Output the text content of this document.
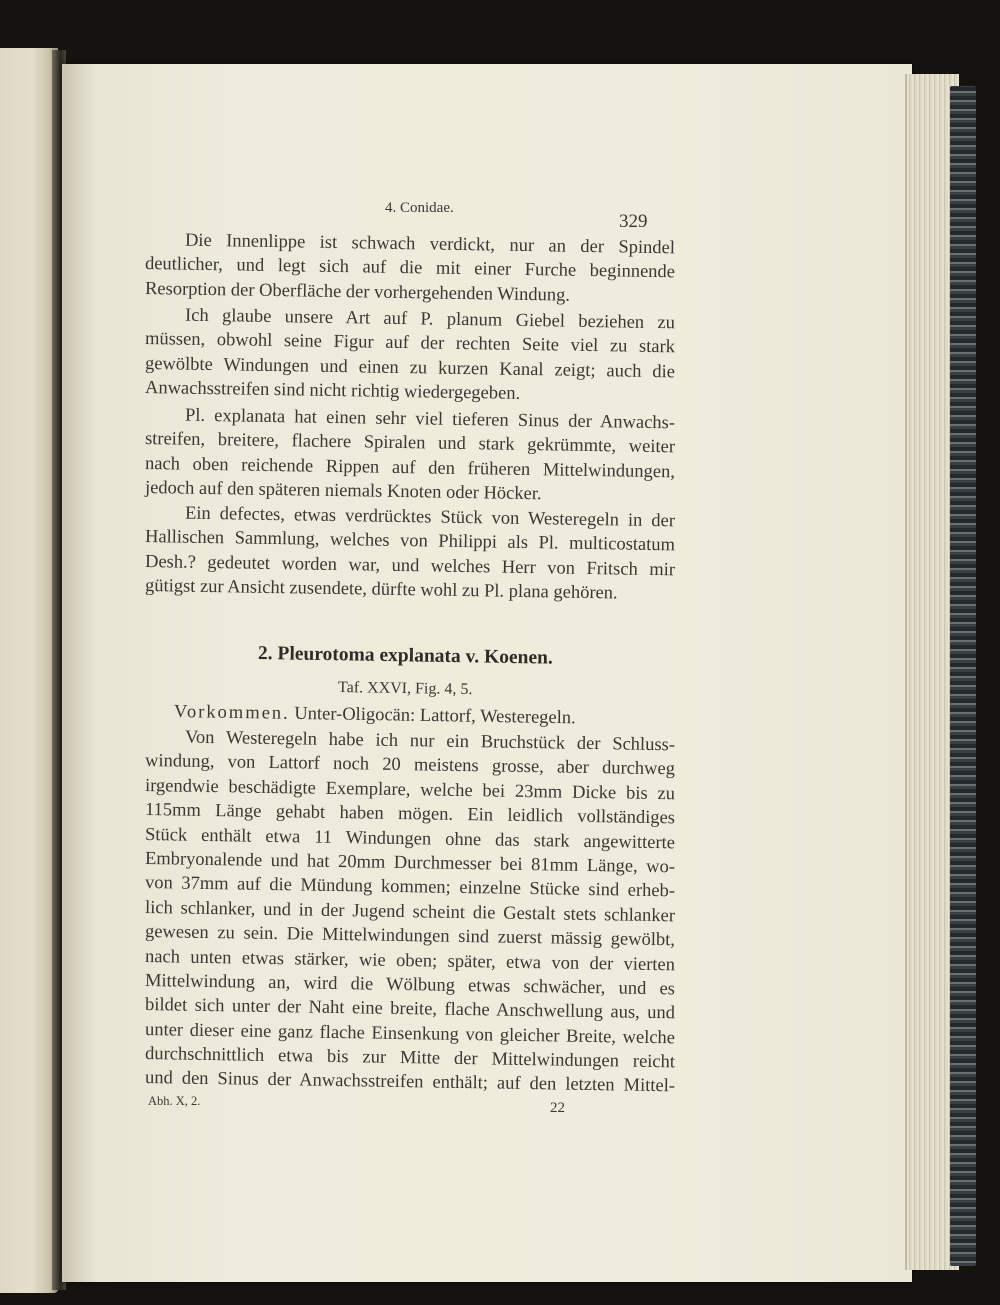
4. Conidae.
329
Die Innenlippe ist schwach verdickt, nur an der Spindel
deutlicher, und legt sich auf die mit einer Furche beginnende
Resorption der Oberfläche der vorhergehenden Windung.
Ich glaube unsere Art auf P. planum Giebel beziehen zu
müssen, obwohl seine Figur auf der rechten Seite viel zu stark
gewölbte Windungen und einen zu kurzen Kanal zeigt; auch die
Anwachsstreifen sind nicht richtig wiedergegeben.
Pl. explanata hat einen sehr viel tieferen Sinus der Anwachs-
streifen, breitere, flachere Spiralen und stark gekrümmte, weiter
nach oben reichende Rippen auf den früheren Mittelwindungen,
jedoch auf den späteren niemals Knoten oder Höcker.
Ein defectes, etwas verdrücktes Stück von Westeregeln in der
Hallischen Sammlung, welches von Philippi als Pl. multicostatum
Desh.? gedeutet worden war, und welches Herr von Fritsch mir
gütigst zur Ansicht zusendete, dürfte wohl zu Pl. plana gehören.
2. Pleurotoma explanata v. Koenen.
Taf. XXVI, Fig. 4, 5.
Vorkommen. Unter-Oligocän: Lattorf, Westeregeln.
Von Westeregeln habe ich nur ein Bruchstück der Schluss-
windung, von Lattorf noch 20 meistens grosse, aber durchweg
irgendwie beschädigte Exemplare, welche bei 23mm Dicke bis zu
115mm Länge gehabt haben mögen. Ein leidlich vollständiges
Stück enthält etwa 11 Windungen ohne das stark angewitterte
Embryonalende und hat 20mm Durchmesser bei 81mm Länge, wo-
von 37mm auf die Mündung kommen; einzelne Stücke sind erheb-
lich schlanker, und in der Jugend scheint die Gestalt stets schlanker
gewesen zu sein. Die Mittelwindungen sind zuerst mässig gewölbt,
nach unten etwas stärker, wie oben; später, etwa von der vierten
Mittelwindung an, wird die Wölbung etwas schwächer, und es
bildet sich unter der Naht eine breite, flache Anschwellung aus, und
unter dieser eine ganz flache Einsenkung von gleicher Breite, welche
durchschnittlich etwa bis zur Mitte der Mittelwindungen reicht
und den Sinus der Anwachsstreifen enthält; auf den letzten Mittel-
Abh. X, 2.	22
